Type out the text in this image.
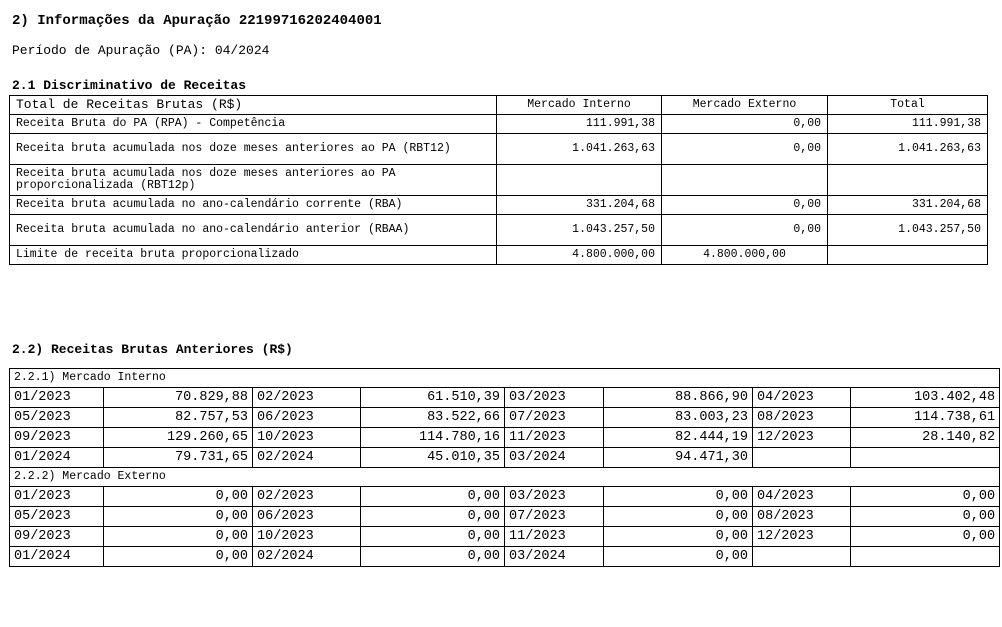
2) Informações da Apuração 22199716202404001
Período de Apuração (PA): 04/2024
2.1 Discriminativo de Receitas
Total de Receitas Brutas (R$)	Mercado Interno	Mercado Externo	Total
Receita Bruta do PA (RPA) - Competência	111.991,38	0,00	111.991,38
Receita bruta acumulada nos doze meses anteriores ao PA (RBT12)	1.041.263,63	0,00	1.041.263,63
Receita bruta acumulada nos doze meses anteriores ao PA proporcionalizada (RBT12p)			
Receita bruta acumulada no ano-calendário corrente (RBA)	331.204,68	0,00	331.204,68
Receita bruta acumulada no ano-calendário anterior (RBAA)	1.043.257,50	0,00	1.043.257,50
Limite de receita bruta proporcionalizado	4.800.000,00	4.800.000,00	
2.2) Receitas Brutas Anteriores (R$)
2.2.1) Mercado Interno							
01/2023	70.829,88	02/2023	61.510,39	03/2023	88.866,90	04/2023	103.402,48
05/2023	82.757,53	06/2023	83.522,66	07/2023	83.003,23	08/2023	114.738,61
09/2023	129.260,65	10/2023	114.780,16	11/2023	82.444,19	12/2023	28.140,82
01/2024	79.731,65	02/2024	45.010,35	03/2024	94.471,30		
2.2.2) Mercado Externo							
01/2023	0,00	02/2023	0,00	03/2023	0,00	04/2023	0,00
05/2023	0,00	06/2023	0,00	07/2023	0,00	08/2023	0,00
09/2023	0,00	10/2023	0,00	11/2023	0,00	12/2023	0,00
01/2024	0,00	02/2024	0,00	03/2024	0,00		
